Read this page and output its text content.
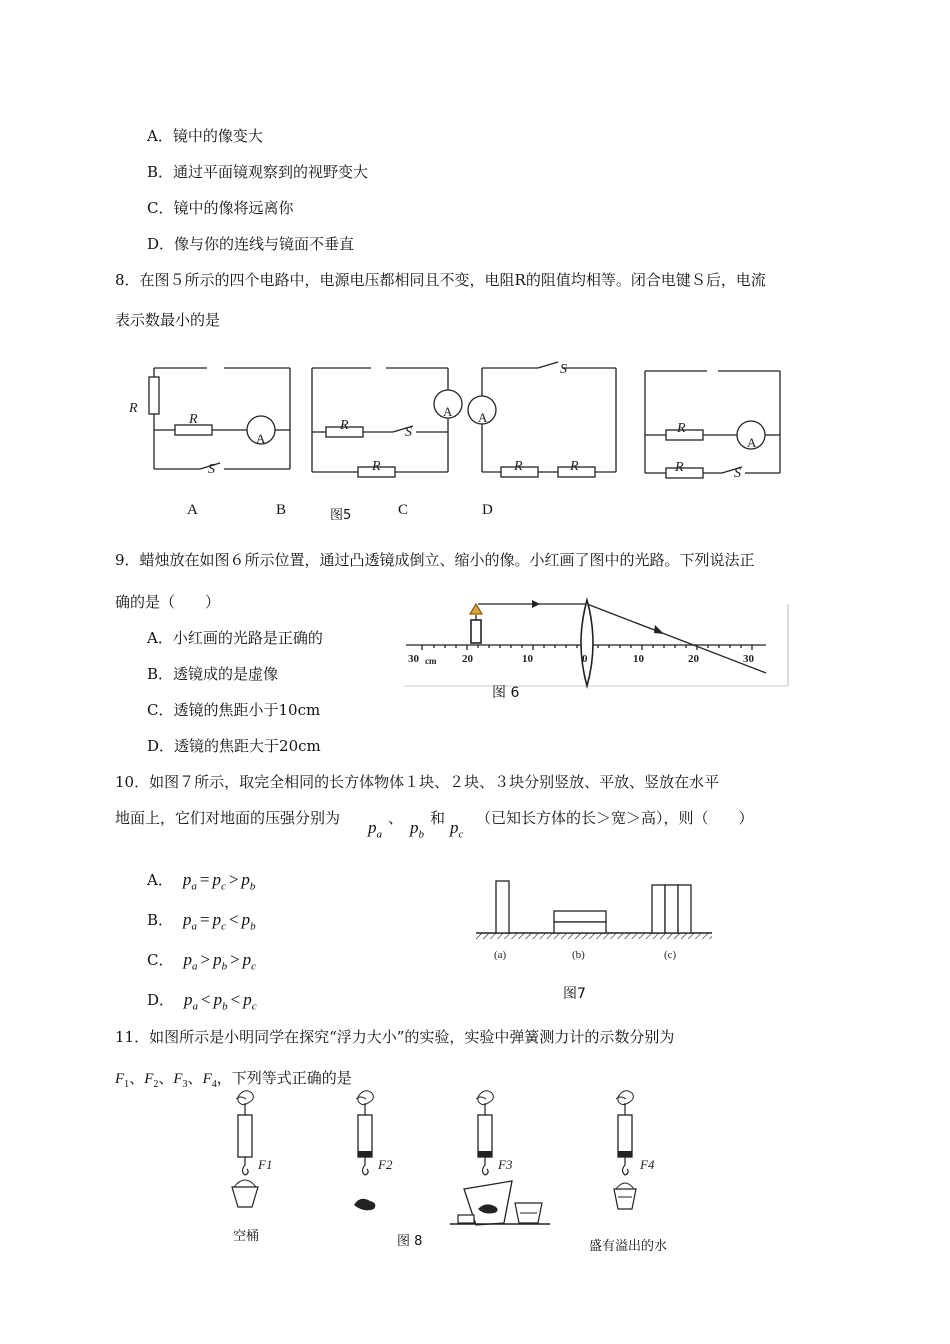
A．镜中的像变大
B．通过平面镜观察到的视野变大
C．镜中的像将远离你
D．像与你的连线与镜面不垂直
8．在图５所示的四个电路中，电源电压都相同且不变，电阻R的阻值均相等。闭合电键Ｓ后，电流
表示数最小的是
R
R
S
R	S
R
S
R	R
R
R	S
A
A A
A
A	B	图5	C	D
9．蜡烛放在如图６所示位置，通过凸透镜成倒立、缩小的像。小红画了图中的光路。下列说法正
确的是（　　）
A．小红画的光路是正确的
B．透镜成的是虚像
C．透镜的焦距小于10cm
D．透镜的焦距大于20cm
30 cm 20	10	0	10	20	30
图 6
10．如图７所示，取完全相同的长方体物体１块、２块、３块分别竖放、平放、竖放在水平
地面上，它们对地面的压强分别为 $p_a$
、 $p_b$
和 $p_c$
（已知长方体的长＞宽＞高），则（　　）
A． $p_a = p_c > p_b$
B． $p_a = p_c < p_b$
C． $p_a > p_b > p_c$
D． $p_a < p_b < p_c$
(a)	(b)	(c)
图7
11．如图所示是小明同学在探究“浮力大小”的实验，实验中弹簧测力计的示数分别为
$F_1$、$F_2$、$F_3$、$F_4$，下列等式正确的是
F1	F2	F3	F4
空桶	图 8	盛有溢出的水
